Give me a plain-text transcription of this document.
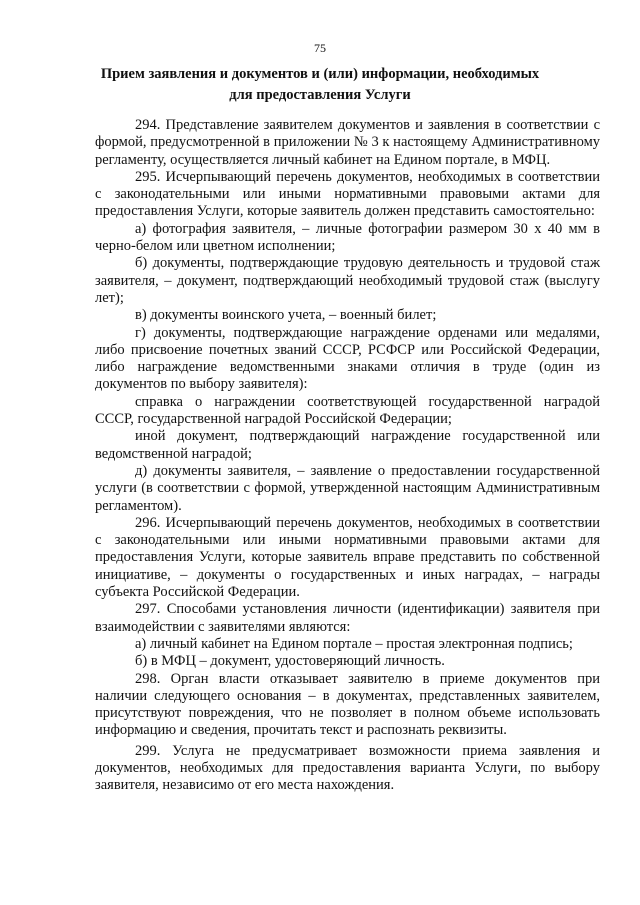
75
Прием заявления и документов и (или) информации, необходимых для предоставления Услуги

294. Представление заявителем документов и заявления в соответствии с формой, предусмотренной в приложении № 3 к настоящему Административному регламенту, осуществляется личный кабинет на Едином портале, в МФЦ.

295. Исчерпывающий перечень документов, необходимых в соответствии с законодательными или иными нормативными правовыми актами для предоставления Услуги, которые заявитель должен представить самостоятельно:

а) фотография заявителя, – личные фотографии размером 30 х 40 мм в черно-белом или цветном исполнении;

б) документы, подтверждающие трудовую деятельность и трудовой стаж заявителя, – документ, подтверждающий необходимый трудовой стаж (выслугу лет);

в) документы воинского учета, – военный билет;

г) документы, подтверждающие награждение орденами или медалями, либо присвоение почетных званий СССР, РСФСР или Российской Федерации, либо награждение ведомственными знаками отличия в труде (один из документов по выбору заявителя):

справка о награждении соответствующей государственной наградой СССР, государственной наградой Российской Федерации;

иной документ, подтверждающий награждение государственной или ведомственной наградой;

д) документы заявителя, – заявление о предоставлении государственной услуги (в соответствии с формой, утвержденной настоящим Административным регламентом).

296. Исчерпывающий перечень документов, необходимых в соответствии с законодательными или иными нормативными правовыми актами для предоставления Услуги, которые заявитель вправе представить по собственной инициативе, – документы о государственных и иных наградах, – награды субъекта Российской Федерации.

297. Способами установления личности (идентификации) заявителя при взаимодействии с заявителями являются:

а) личный кабинет на Едином портале – простая электронная подпись;

б) в МФЦ – документ, удостоверяющий личность.

298. Орган власти отказывает заявителю в приеме документов при наличии следующего основания – в документах, представленных заявителем, присутствуют повреждения, что не позволяет в полном объеме использовать информацию и сведения, прочитать текст и распознать реквизиты.

299. Услуга не предусматривает возможности приема заявления и документов, необходимых для предоставления варианта Услуги, по выбору заявителя, независимо от его места нахождения.
